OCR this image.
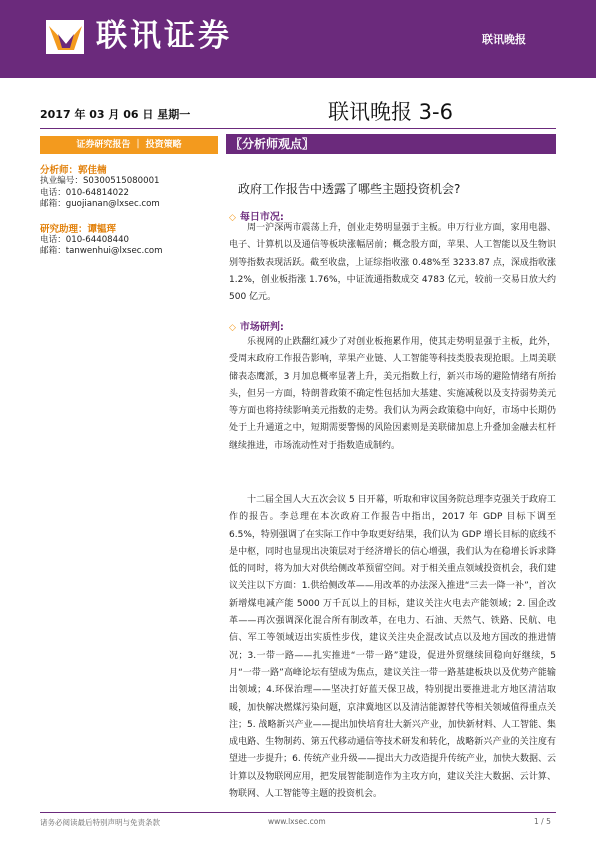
联讯证券	联讯晚报
2017 年 03 月 06 日 星期一	联讯晚报 3-6
证券研究报告 ｜ 投资策略	〖分析师观点〗
分析师：郭佳楠
执业编号：S0300515080001
电话：010-64814022
邮箱：guojianan@lxsec.com
研究助理：谭韫珲
电话：010-64408440
邮箱：tanwenhui@lxsec.com
政府工作报告中透露了哪些主题投资机会?
◇ 每日市况:

周一沪深两市震荡上升，创业走势明显强于主板。申万行业方面，家用电器、电子、计算机以及通信等板块涨幅居前；概念股方面，苹果、人工智能以及生物识别等指数表现活跃。截至收盘，上证综指收涨 0.48%至 3233.87 点，深成指收涨 1.2%，创业板指涨 1.76%，中证流通指数成交 4783 亿元，较前一交易日放大约 500 亿元。

◇ 市场研判:

乐视网的止跌翻红减少了对创业板拖累作用，使其走势明显强于主板，此外，受周末政府工作报告影响，苹果产业链、人工智能等科技类股表现抢眼。上周美联储表态鹰派，3 月加息概率显著上升，美元指数上行，新兴市场的避险情绪有所抬头，但另一方面，特朗普政策不确定性包括加大基建、实施减税以及支持弱势美元等方面也将持续影响美元指数的走势。我们认为两会政策稳中向好，市场中长期仍处于上升通道之中，短期需要警惕的风险因素则是美联储加息上升叠加金融去杠杆继续推进，市场流动性对于指数造成制约。

十二届全国人大五次会议 5 日开幕，听取和审议国务院总理李克强关于政府工作的报告。李总理在本次政府工作报告中指出，2017 年 GDP 目标下调至 6.5%，特别强调了在实际工作中争取更好结果，我们认为 GDP 增长目标的底线不是中枢，同时也显现出决策层对于经济增长的信心增强，我们认为在稳增长诉求降低的同时，将为加大对供给侧改革预留空间。对于相关重点领域投资机会，我们建议关注以下方面：1.供给侧改革——用改革的办法深入推进“三去一降一补”，首次新增煤电减产能 5000 万千瓦以上的目标，建议关注火电去产能领域；2. 国企改革——再次强调深化混合所有制改革，在电力、石油、天然气、铁路、民航、电信、军工等领域迈出实质性步伐，建议关注央企混改试点以及地方国改的推进情况；3.一带一路——扎实推进“一带一路”建设，促进外贸继续回稳向好继续，5 月“一带一路”高峰论坛有望成为焦点，建议关注一带一路基建板块以及优势产能输出领域；4.环保治理——坚决打好蓝天保卫战，特别提出要推进北方地区清洁取暖，加快解决燃煤污染问题，京津冀地区以及清洁能源替代等相关领域值得重点关注；5. 战略新兴产业——提出加快培育壮大新兴产业，加快新材料、人工智能、集成电路、生物制药、第五代移动通信等技术研发和转化，战略新兴产业的关注度有望进一步提升；6. 传统产业升级——提出大力改造提升传统产业，加快大数据、云计算以及物联网应用，把发展智能制造作为主攻方向，建议关注大数据、云计算、物联网、人工智能等主题的投资机会。

诸务必阅读最后特别声明与免责条款	www.lxsec.com	1 / 5
